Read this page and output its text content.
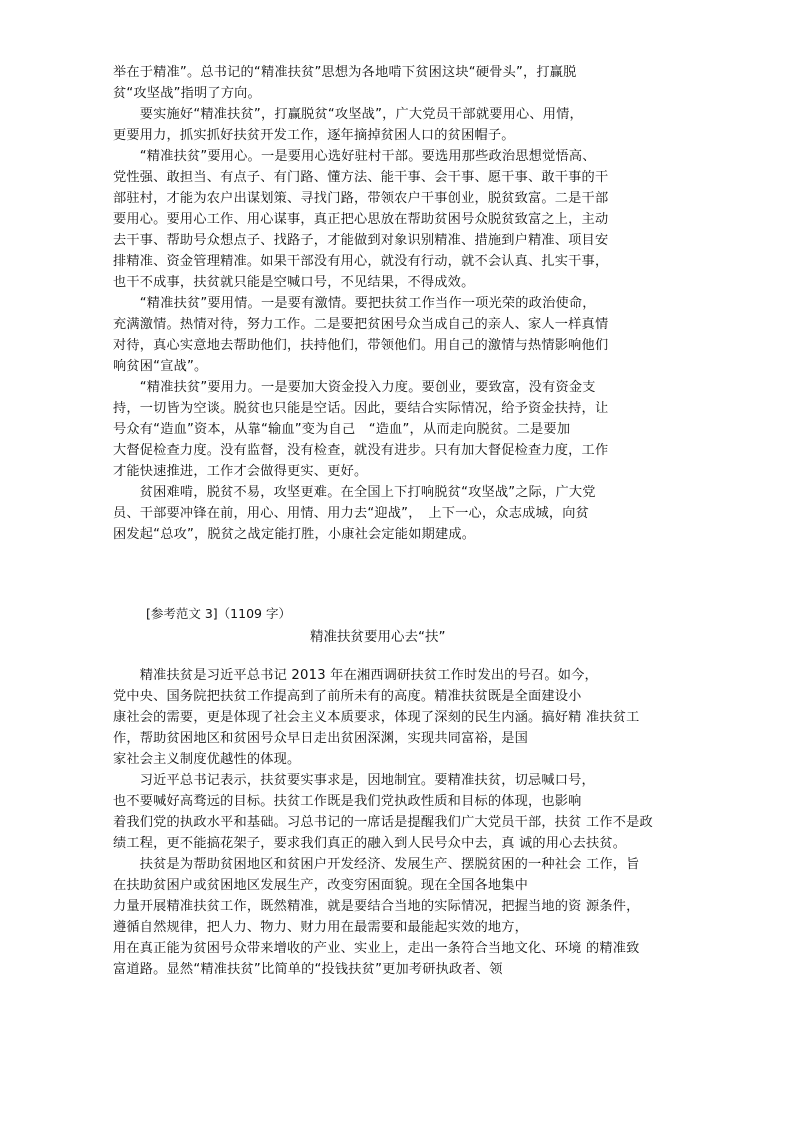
举在于精准”。总书记的“精准扶贫”思想为各地啃下贫困这块“硬骨头”，打赢脱
贫“攻坚战”指明了方向。
　　要实施好“精准扶贫”，打赢脱贫“攻坚战”，广大党员干部就要用心、用情，
更要用力，抓实抓好扶贫开发工作，逐年摘掉贫困人口的贫困帽子。
　　“精准扶贫”要用心。一是要用心选好驻村干部。要选用那些政治思想觉悟高、
党性强、敢担当、有点子、有门路、懂方法、能干事、会干事、愿干事、敢干事的干
部驻村，才能为农户出谋划策、寻找门路，带领农户干事创业，脱贫致富。二是干部
要用心。要用心工作、用心谋事，真正把心思放在帮助贫困号众脱贫致富之上，主动
去干事、帮助号众想点子、找路子，才能做到对象识别精准、措施到户精准、项目安
排精准、资金管理精准。如果干部没有用心，就没有行动，就不会认真、扎实干事，
也干不成事，扶贫就只能是空喊口号，不见结果，不得成效。
　　“精准扶贫”要用情。一是要有激情。要把扶贫工作当作一项光荣的政治使命，
充满激情。热情对待，努力工作。二是要把贫困号众当成自己的亲人、家人一样真情
对待，真心实意地去帮助他们，扶持他们，带领他们。用自己的激情与热情影响他们
响贫困“宣战”。
　　“精准扶贫”要用力。一是要加大资金投入力度。要创业，要致富，没有资金支
持，一切皆为空谈。脱贫也只能是空话。因此，要结合实际情况，给予资金扶持，让
号众有“造血”资本，从靠“输血”变为自己　“造血”，从而走向脱贫。二是要加
大督促检查力度。没有监督，没有检查，就没有进步。只有加大督促检查力度，工作
才能快速推进，工作才会做得更实、更好。
　　贫困难啃，脱贫不易，攻坚更难。在全国上下打响脱贫“攻坚战”之际，广大党
员、干部要冲锋在前，用心、用情、用力去“迎战”，　上下一心，众志成城，向贫
困发起“总攻”，脱贫之战定能打胜，小康社会定能如期建成。
[参考范文 3]（1109 字）
精准扶贫要用心去“扶”
　　精准扶贫是习近平总书记 2013 年在湘西调研扶贫工作时发出的号召。如今，
党中央、国务院把扶贫工作提高到了前所未有的高度。精准扶贫既是全面建设小
康社会的需要，更是体现了社会主义本质要求，体现了深刻的民生内涵。搞好精 准扶贫工
作，帮助贫困地区和贫困号众早日走出贫困深渊，实现共同富裕，是国
家社会主义制度优越性的体现。
　　习近平总书记表示，扶贫要实事求是，因地制宜。要精准扶贫，切忌喊口号，
也不要喊好高骛远的目标。扶贫工作既是我们党执政性质和目标的体现，也影响
着我们党的执政水平和基础。习总书记的一席话是提醒我们广大党员干部，扶贫 工作不是政
绩工程，更不能搞花架子，要求我们真正的融入到人民号众中去，真 诚的用心去扶贫。
　　扶贫是为帮助贫困地区和贫困户开发经济、发展生产、摆脱贫困的一种社会 工作，旨
在扶助贫困户或贫困地区发展生产，改变穷困面貌。现在全国各地集中
力量开展精准扶贫工作，既然精准，就是要结合当地的实际情况，把握当地的资 源条件，
遵循自然规律，把人力、物力、财力用在最需要和最能起实效的地方，
用在真正能为贫困号众带来增收的产业、实业上，走出一条符合当地文化、环境 的精准致
富道路。显然“精准扶贫”比简单的“投钱扶贫”更加考研执政者、领
